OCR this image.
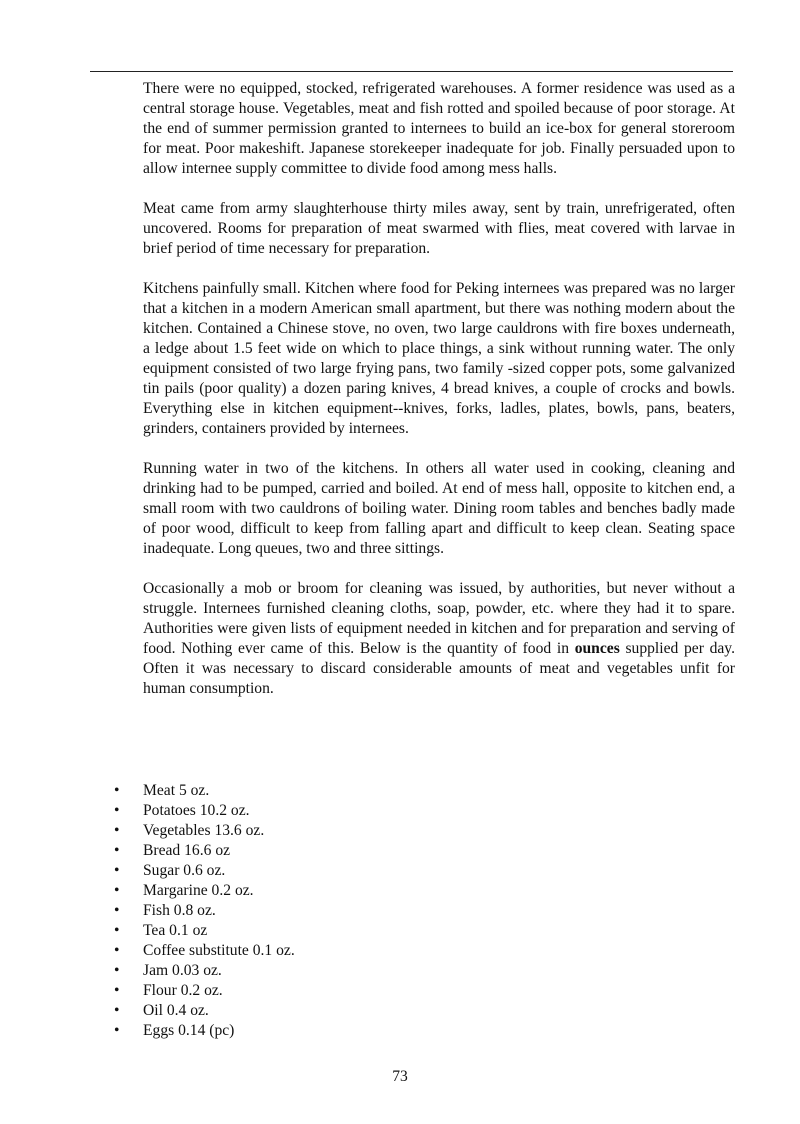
There were no equipped, stocked, refrigerated warehouses. A former residence was used as a central storage house. Vegetables, meat and fish rotted and spoiled because of poor storage. At the end of summer permission granted to internees to build an ice-box for general storeroom for meat. Poor makeshift. Japanese storekeeper inadequate for job. Finally persuaded upon to allow internee supply committee to divide food among mess halls.

Meat came from army slaughterhouse thirty miles away, sent by train, unrefrigerated, often uncovered. Rooms for preparation of meat swarmed with flies, meat covered with larvae in brief period of time necessary for preparation.

Kitchens painfully small. Kitchen where food for Peking internees was prepared was no larger that a kitchen in a modern American small apartment, but there was nothing modern about the kitchen. Contained a Chinese stove, no oven, two large cauldrons with fire boxes underneath, a ledge about 1.5 feet wide on which to place things, a sink without running water. The only equipment consisted of two large frying pans, two family -sized copper pots, some galvanized tin pails (poor quality) a dozen paring knives, 4 bread knives, a couple of crocks and bowls. Everything else in kitchen equipment--knives, forks, ladles, plates, bowls, pans, beaters, grinders, containers provided by internees.

Running water in two of the kitchens. In others all water used in cooking, cleaning and drinking had to be pumped, carried and boiled. At end of mess hall, opposite to kitchen end, a small room with two cauldrons of boiling water. Dining room tables and benches badly made of poor wood, difficult to keep from falling apart and difficult to keep clean. Seating space inadequate. Long queues, two and three sittings.

Occasionally a mob or broom for cleaning was issued, by authorities, but never without a struggle. Internees furnished cleaning cloths, soap, powder, etc. where they had it to spare. Authorities were given lists of equipment needed in kitchen and for preparation and serving of food. Nothing ever came of this. Below is the quantity of food in ounces supplied per day. Often it was necessary to discard considerable amounts of meat and vegetables unfit for human consumption.

• Meat 5 oz.
• Potatoes 10.2 oz.
• Vegetables 13.6 oz.
• Bread 16.6 oz
• Sugar 0.6 oz.
• Margarine 0.2 oz.
• Fish 0.8 oz.
• Tea 0.1 oz
• Coffee substitute 0.1 oz.
• Jam 0.03 oz.
• Flour 0.2 oz.
• Oil 0.4 oz.
• Eggs 0.14 (pc)
73
